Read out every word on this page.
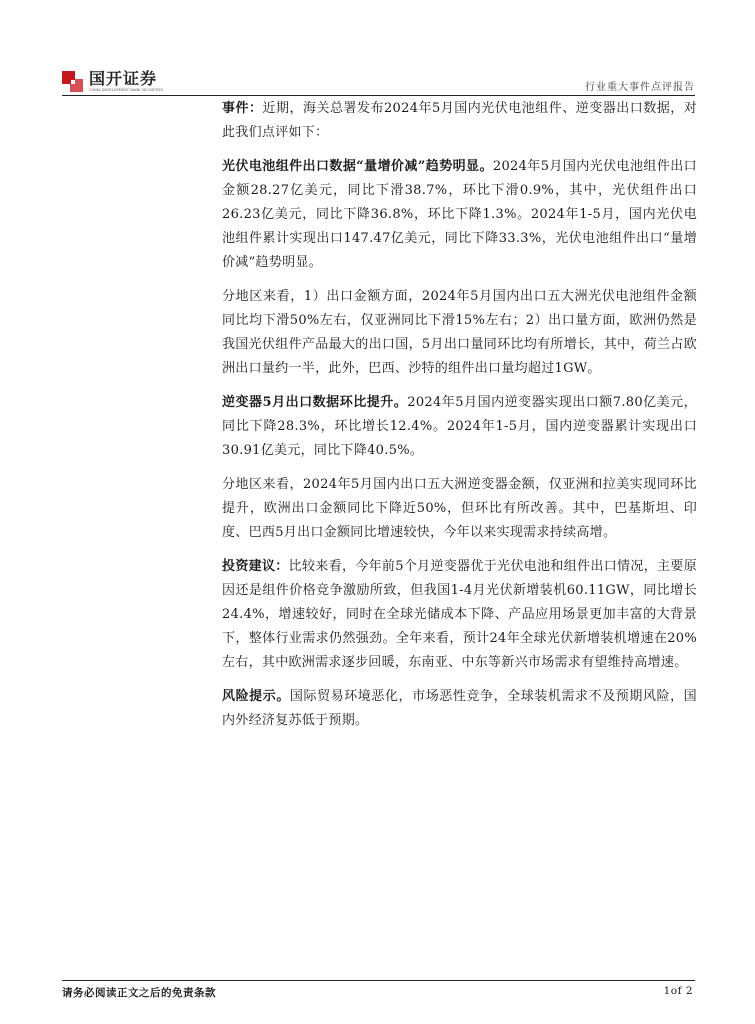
国开证券
CHINA DEVELOPMENT BANK SECURITIES	行业重大事件点评报告

事件：近期，海关总署发布2024年5月国内光伏电池组件、逆变器出口数据，对此我们点评如下：

光伏电池组件出口数据“量增价减”趋势明显。2024年5月国内光伏电池组件出口金额28.27亿美元，同比下滑38.7%，环比下滑0.9%，其中，光伏组件出口26.23亿美元，同比下降36.8%，环比下降1.3%。2024年1-5月，国内光伏电池组件累计实现出口147.47亿美元，同比下降33.3%，光伏电池组件出口“量增价减”趋势明显。

分地区来看，1）出口金额方面，2024年5月国内出口五大洲光伏电池组件金额同比均下滑50%左右，仅亚洲同比下滑15%左右；2）出口量方面，欧洲仍然是我国光伏组件产品最大的出口国，5月出口量同环比均有所增长，其中，荷兰占欧洲出口量约一半，此外，巴西、沙特的组件出口量均超过1GW。

逆变器5月出口数据环比提升。2024年5月国内逆变器实现出口额7.80亿美元，同比下降28.3%，环比增长12.4%。2024年1-5月，国内逆变器累计实现出口30.91亿美元，同比下降40.5%。

分地区来看，2024年5月国内出口五大洲逆变器金额，仅亚洲和拉美实现同环比提升，欧洲出口金额同比下降近50%，但环比有所改善。其中，巴基斯坦、印度、巴西5月出口金额同比增速较快，今年以来实现需求持续高增。

投资建议：比较来看，今年前5个月逆变器优于光伏电池和组件出口情况，主要原因还是组件价格竞争激励所致，但我国1-4月光伏新增装机60.11GW，同比增长24.4%，增速较好，同时在全球光储成本下降、产品应用场景更加丰富的大背景下，整体行业需求仍然强劲。全年来看，预计24年全球光伏新增装机增速在20%左右，其中欧洲需求逐步回暖，东南亚、中东等新兴市场需求有望维持高增速。

风险提示。国际贸易环境恶化，市场恶性竞争，全球装机需求不及预期风险，国内外经济复苏低于预期。

请务必阅读正文之后的免责条款	1of 2
